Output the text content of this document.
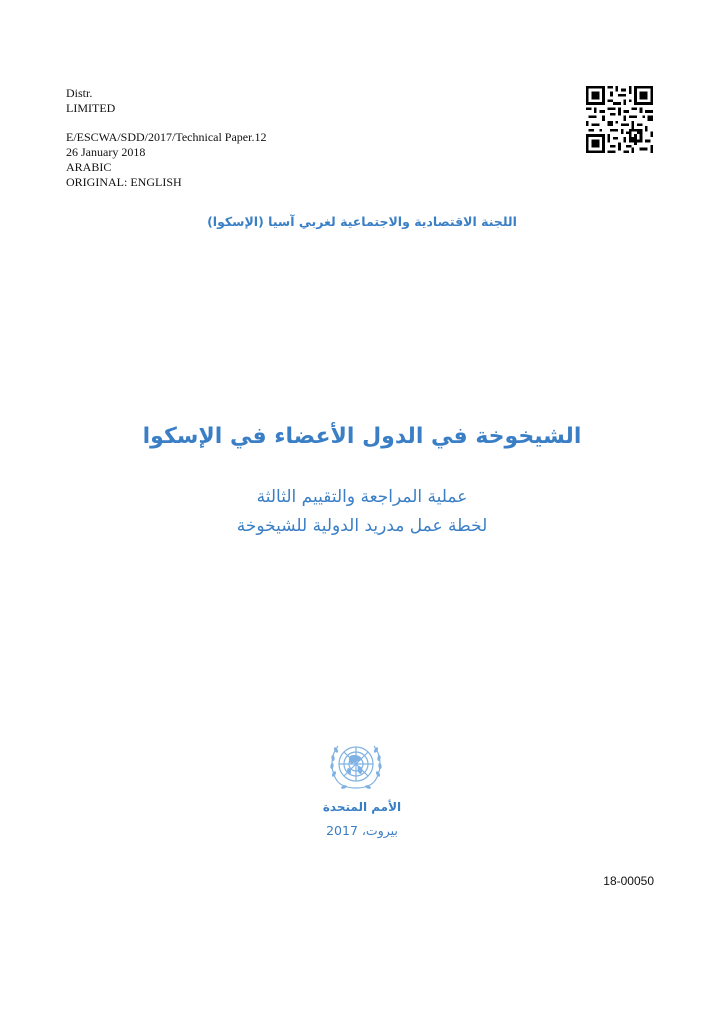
Distr.
LIMITED
E/ESCWA/SDD/2017/Technical Paper.12
26 January 2018
ARABIC
ORIGINAL: ENGLISH
اللجنة الاقتصادية والاجتماعية لغربي آسيا (الإسكوا)
الشيخوخة في الدول الأعضاء في الإسكوا
عملية المراجعة والتقييم الثالثة
لخطة عمل مدريد الدولية للشيخوخة
الأمم المتحدة
بيروت، 2017
18-00050
